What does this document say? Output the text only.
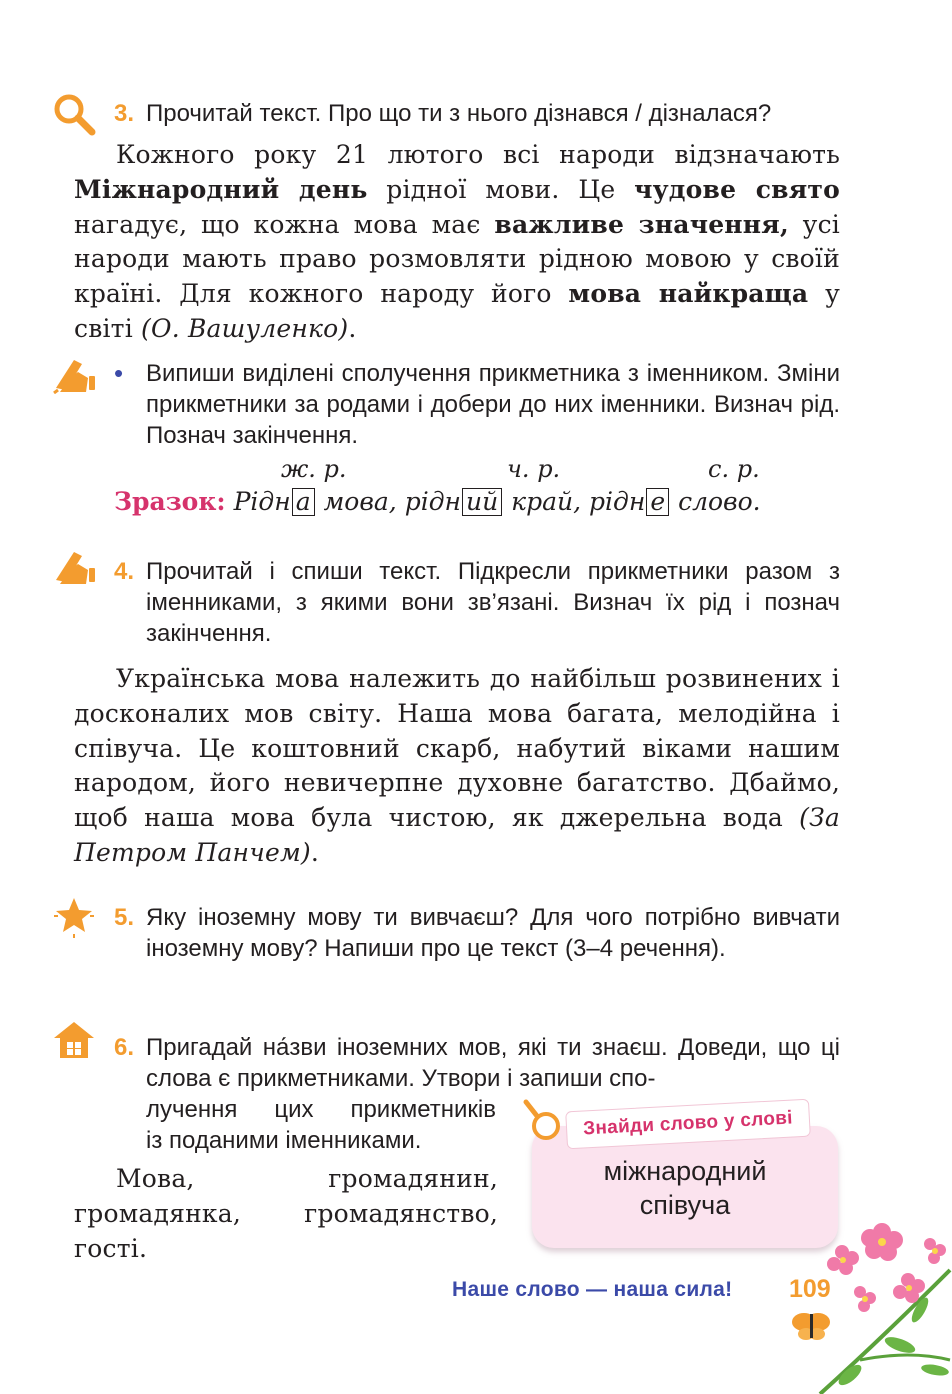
3. Прочитай текст. Про що ти з нього дізнався / дізналася?

Кожного року 21 лютого всі народи відзначають Міжнародний день рідної мови. Це чудове свято нагадує, що кожна мова має важливе значення, усі народи мають право розмовляти рідною мовою у своїй країні. Для кожного народу його мова найкраща у світі (О. Вашуленко).

• Випиши виділені сполучення прикметника з іменником. Зміни прикметники за родами і добери до них іменники. Визнач рід. Познач закінчення.
ж. р.	ч. р.	с. р.
Зразок: Рідн а мова, рідн ий край, рідн е слово.
4. Прочитай і спиши текст. Підкресли прикметники разом з іменниками, з якими вони зв’язані. Визнач їх рід і познач закінчення.

Українська мова належить до найбільш розвинених і досконалих мов світу. Наша мова багата, мелодійна і співуча. Це коштовний скарб, набутий віками нашим народом, його невичерпне духовне багатство. Дбаймо, щоб наша мова була чистою, як джерельна вода (За Петром Панчем).

5. Яку іноземну мову ти вивчаєш? Для чого потрібно вивчати іноземну мову? Напиши про це текст (3–4 речення).
6. Пригадай на́зви іноземних мов, які ти знаєш. Доведи, що ці слова є прикметниками. Утвори і запиши спо-
лучення цих прикметників
із поданими іменниками.

Мова, громадянин, громадянка, громадянство, гості.

міжнародний
співуча
Знайди слово у слові
Наше слово — наша сила! 109
